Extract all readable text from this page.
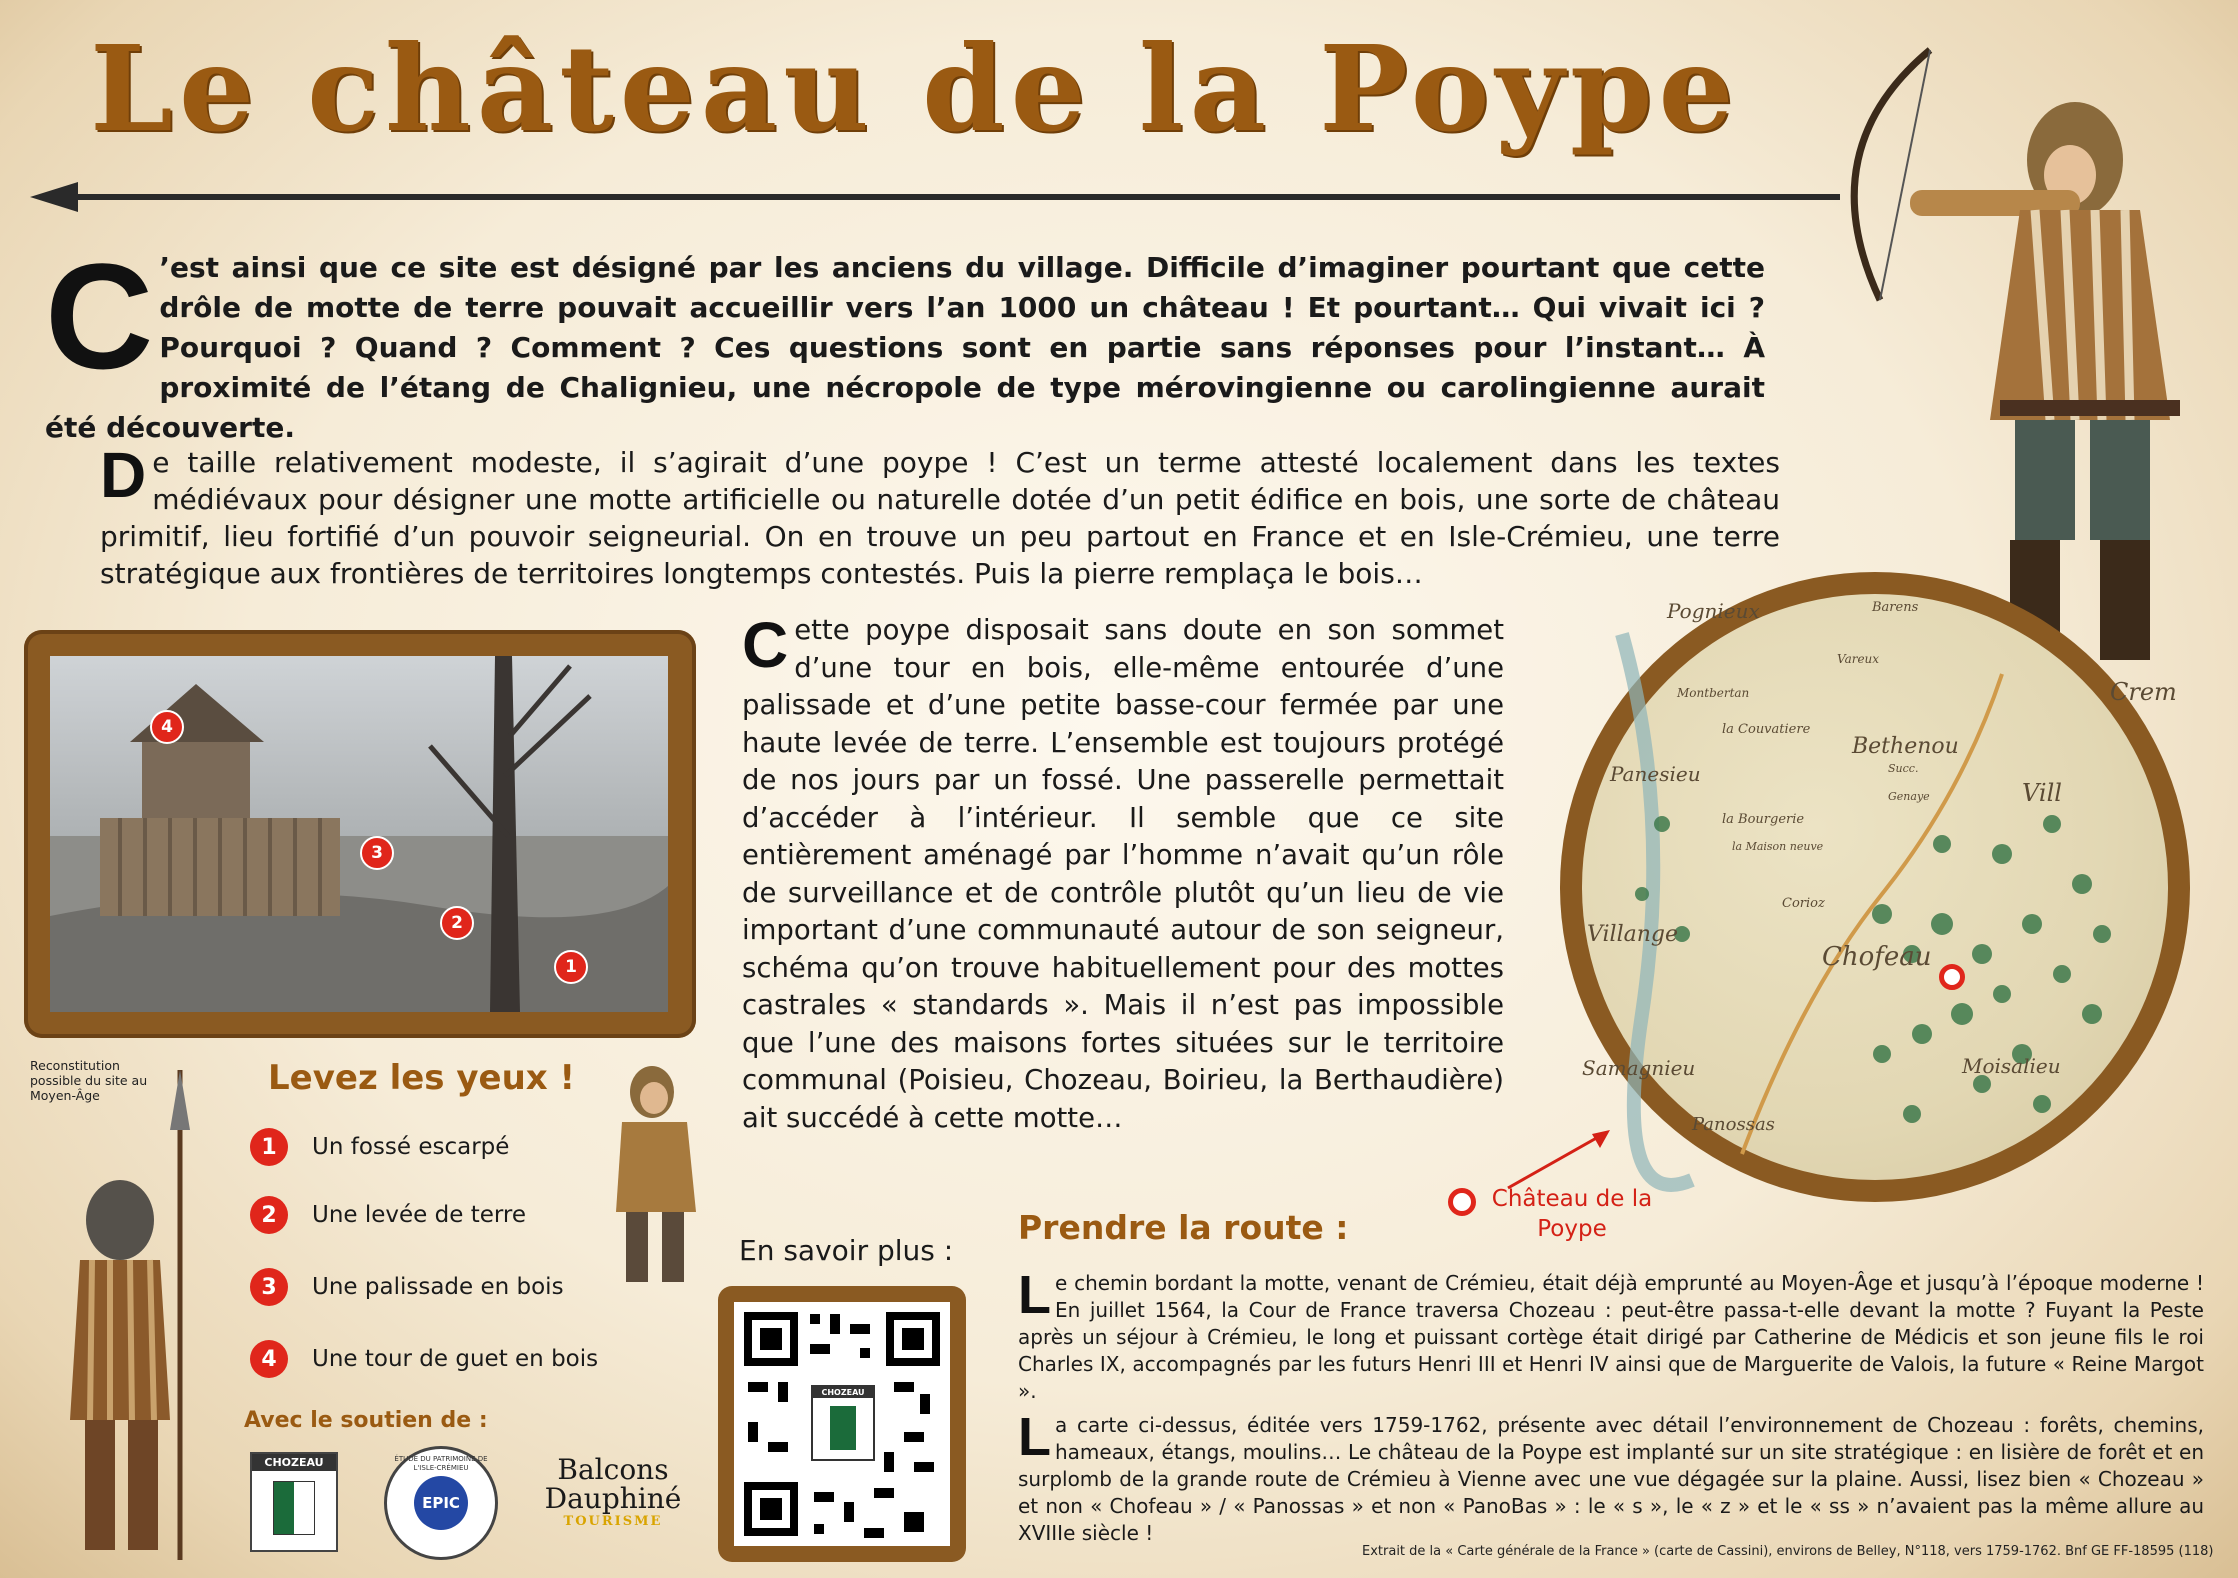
Le château de la Poype
C ’est ainsi que ce site est désigné par les anciens du village. Difficile d’imaginer pourtant que cette drôle de motte de terre pouvait accueillir vers l’an 1000 un château ! Et pourtant… Qui vivait ici ? Pourquoi ? Quand ? Comment ? Ces questions sont en partie sans réponses pour l’instant… À proximité de l’étang de Chalignieu, une nécropole de type mérovingienne ou carolingienne aurait été découverte.
D e taille relativement modeste, il s’agirait d’une poype ! C’est un terme attesté localement dans les textes médiévaux pour désigner une motte artificielle ou naturelle dotée d’un petit édifice en bois, une sorte de château primitif, lieu fortifié d’un pouvoir seigneurial. On en trouve un peu partout en France et en Isle-Crémieu, une terre stratégique aux frontières de territoires longtemps contestés. Puis la pierre remplaça le bois…
C ette poype disposait sans doute en son sommet d’une tour en bois, elle-même entourée d’une palissade et d’une petite basse-cour fermée par une haute levée de terre. L’ensemble est toujours protégé de nos jours par un fossé. Une passerelle permettait d’accéder à l’intérieur. Il semble que ce site entièrement aménagé par l’homme n’avait qu’un rôle de surveillance et de contrôle plutôt qu’un lieu de vie important d’une communauté autour de son seigneur, schéma qu’on trouve habituellement pour des mottes castrales « standards ». Mais il n’est pas impossible que l’une des maisons fortes situées sur le territoire communal (Poisieu, Chozeau, Boirieu, la Berthaudière) ait succédé à cette motte…
4
3
2
1
Reconstitution possible du site au Moyen-Âge	Levez les yeux !
1	Un fossé escarpé
2	Une levée de terre
3	Une palissade en bois
4	Une tour de guet en bois
Avec le soutien de :
CHOZEAU	ÉTUDE DU PATRIMOINE DE L'ISLE-CRÉMIEU
EPIC
Balcons
Dauphiné
TOURISME
En savoir plus :
CHOZEAU
Pognieux	Barens
Vareux
Montbertan	Crem
la Couvatiere
Bethenou
Panesieu
Vill
la Bourgerie
la Maison neuve
Corioz
Villange
Chofeau
Panossas
Samagnieu	Moisalieu
Genaye
Succ.
Château de la Poype
Prendre la route :
L e chemin bordant la motte, venant de Crémieu, était déjà emprunté au Moyen-Âge et jusqu’à l’époque moderne ! En juillet 1564, la Cour de France traversa Chozeau : peut-être passa-t-elle devant la motte ? Fuyant la Peste après un séjour à Crémieu, le long et puissant cortège était dirigé par Catherine de Médicis et son jeune fils le roi Charles IX, accompagnés par les futurs Henri III et Henri IV ainsi que de Marguerite de Valois, la future « Reine Margot ».
L a carte ci-dessus, éditée vers 1759-1762, présente avec détail l’environnement de Chozeau : forêts, chemins, hameaux, étangs, moulins… Le château de la Poype est implanté sur un site stratégique : en lisière de forêt et en surplomb de la grande route de Crémieu à Vienne avec une vue dégagée sur la plaine. Aussi, lisez bien « Chozeau » et non « Chofeau » / « Panossas » et non « PanoBas » : le « s », le « z » et le « ss » n’avaient pas la même allure au XVIIIe siècle !
Extrait de la « Carte générale de la France » (carte de Cassini), environs de Belley, N°118, vers 1759-1762. Bnf GE FF-18595 (118)
